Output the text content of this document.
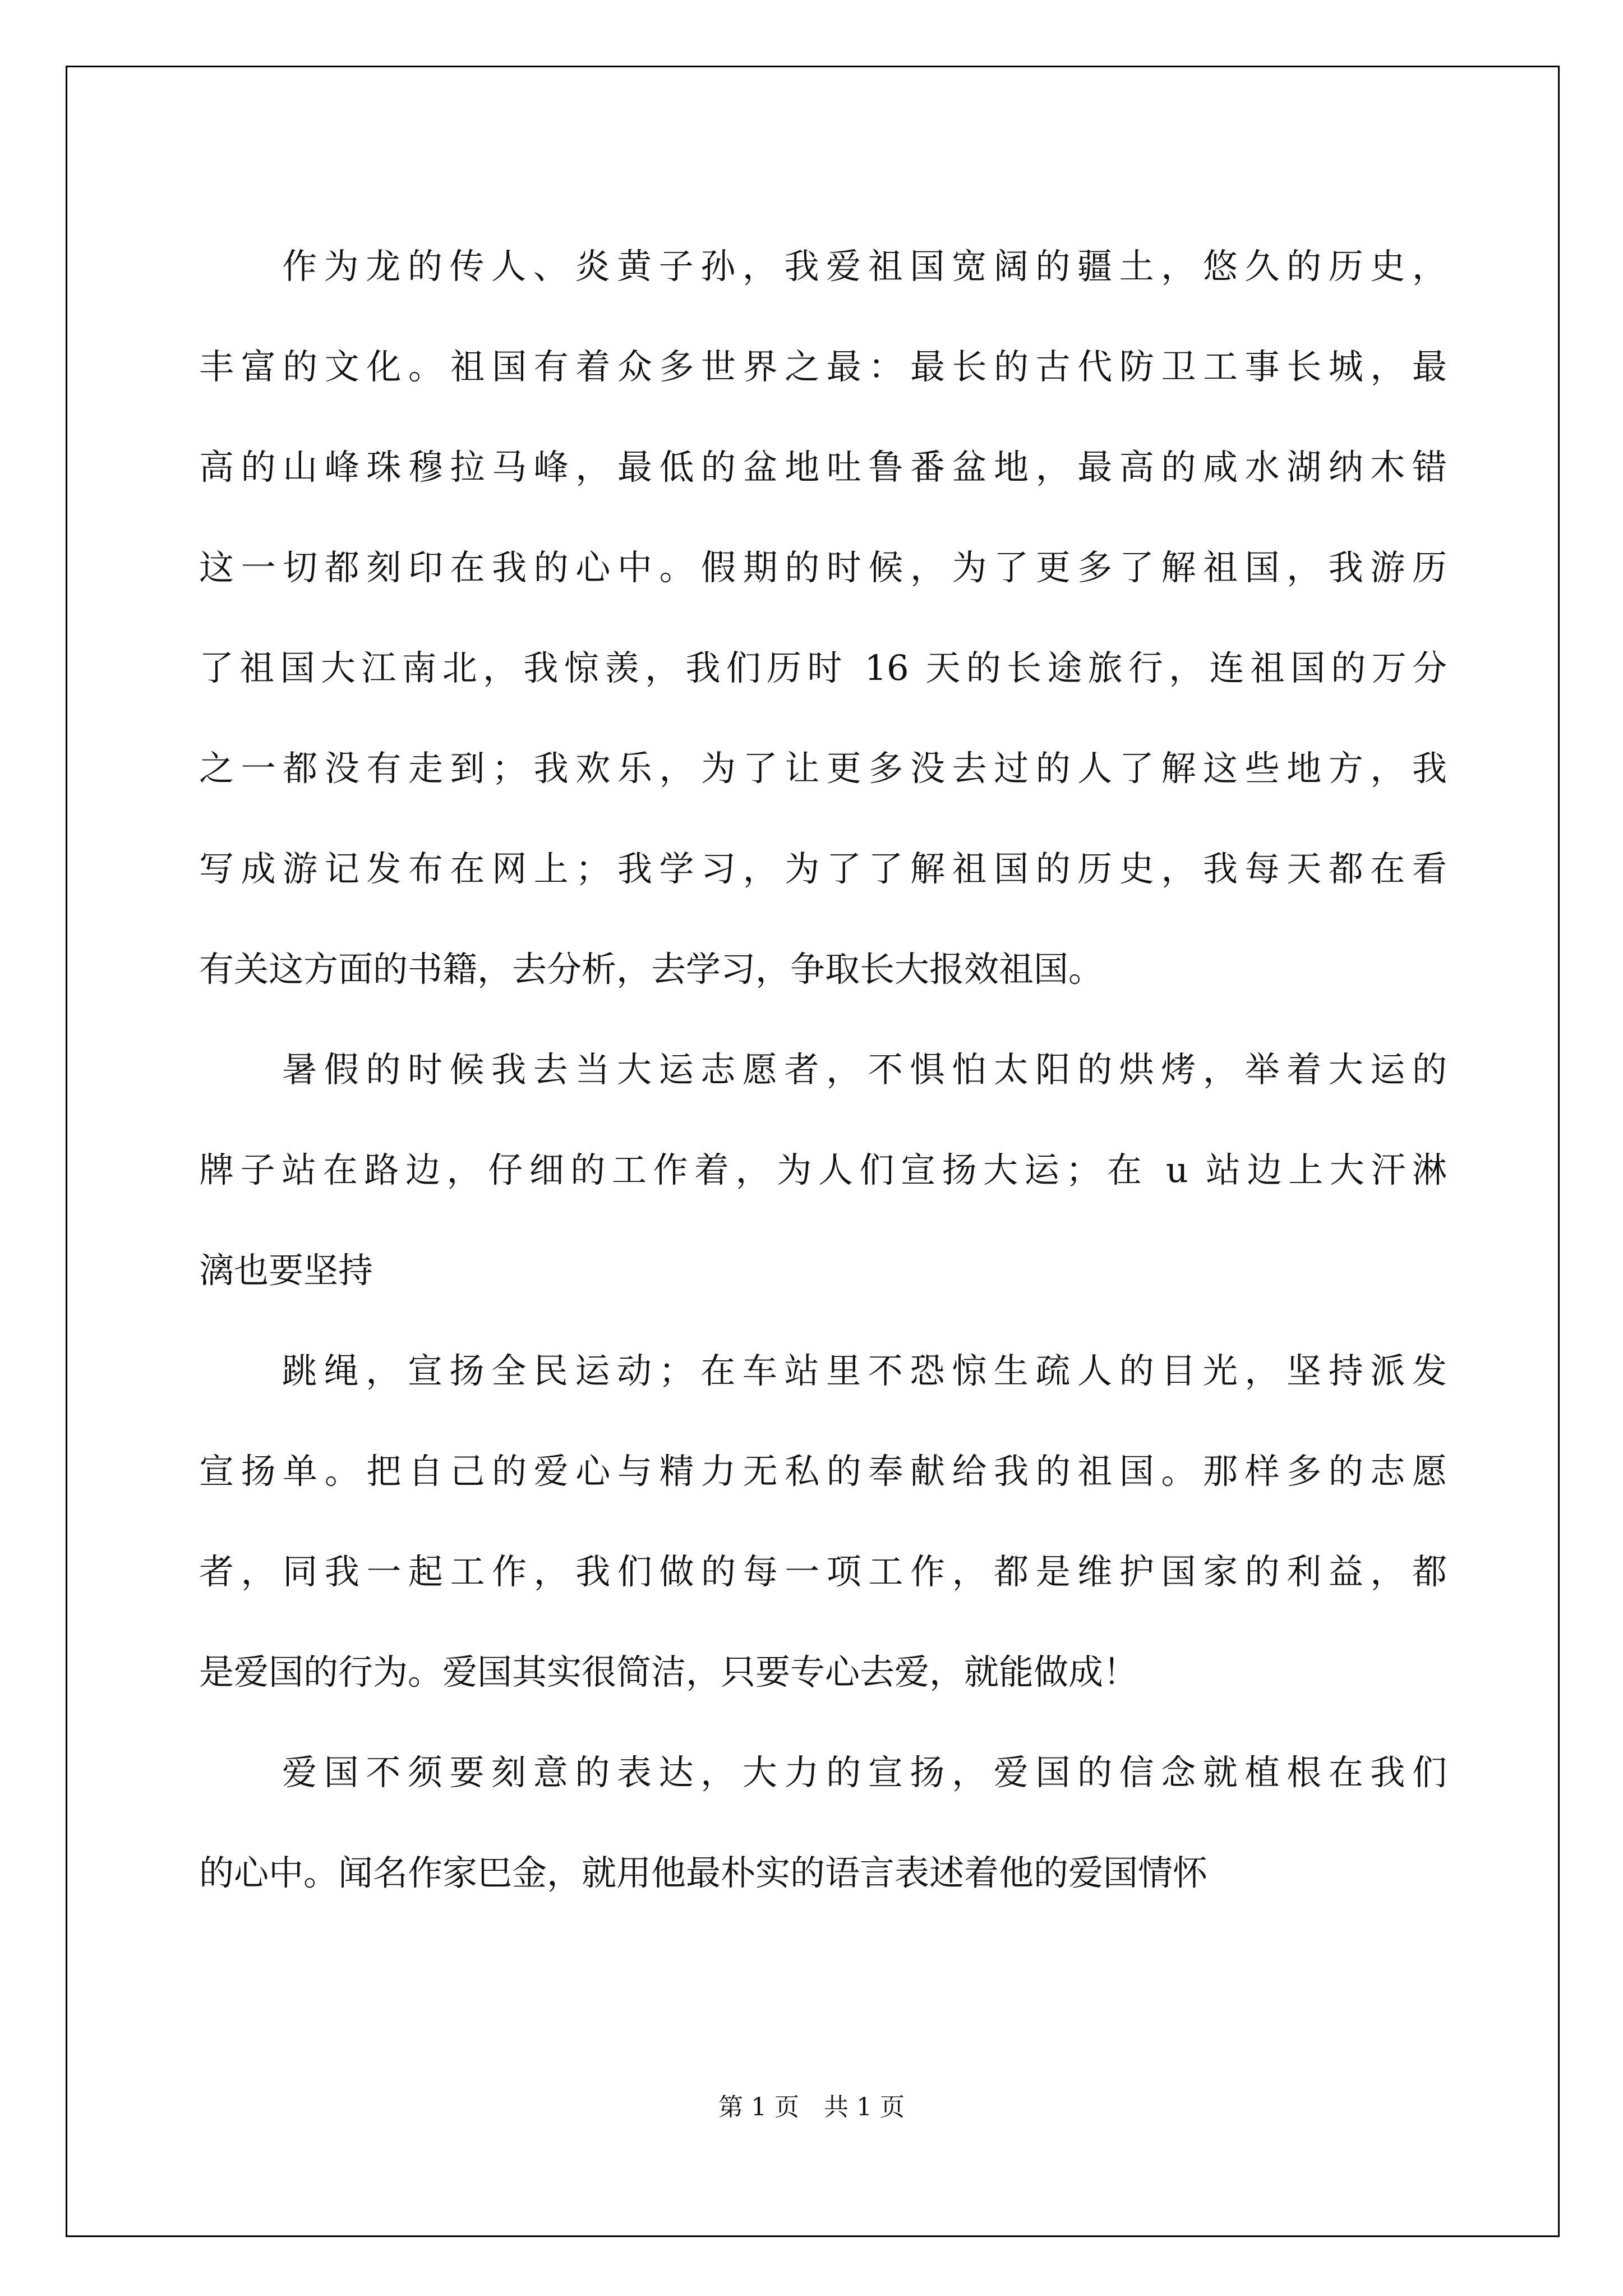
作为龙的传人、炎黄子孙，我爱祖国宽阔的疆土，悠久的历史，
丰富的文化。祖国有着众多世界之最：最长的古代防卫工事长城，最
高的山峰珠穆拉马峰，最低的盆地吐鲁番盆地，最高的咸水湖纳木错
这一切都刻印在我的心中。假期的时候，为了更多了解祖国，我游历
了祖国大江南北，我惊羡，我们历时 16 天的长途旅行，连祖国的万分
之一都没有走到；我欢乐，为了让更多没去过的人了解这些地方，我
写成游记发布在网上；我学习，为了了解祖国的历史，我每天都在看
有关这方面的书籍，去分析，去学习，争取长大报效祖国。
暑假的时候我去当大运志愿者，不惧怕太阳的烘烤，举着大运的
牌子站在路边，仔细的工作着，为人们宣扬大运；在 u 站边上大汗淋
漓也要坚持
跳绳，宣扬全民运动；在车站里不恐惊生疏人的目光，坚持派发
宣扬单。把自己的爱心与精力无私的奉献给我的祖国。那样多的志愿
者，同我一起工作，我们做的每一项工作，都是维护国家的利益，都
是爱国的行为。爱国其实很简洁，只要专心去爱，就能做成！
爱国不须要刻意的表达，大力的宣扬，爱国的信念就植根在我们
的心中。闻名作家巴金，就用他最朴实的语言表述着他的爱国情怀
第 1 页　共 1 页
